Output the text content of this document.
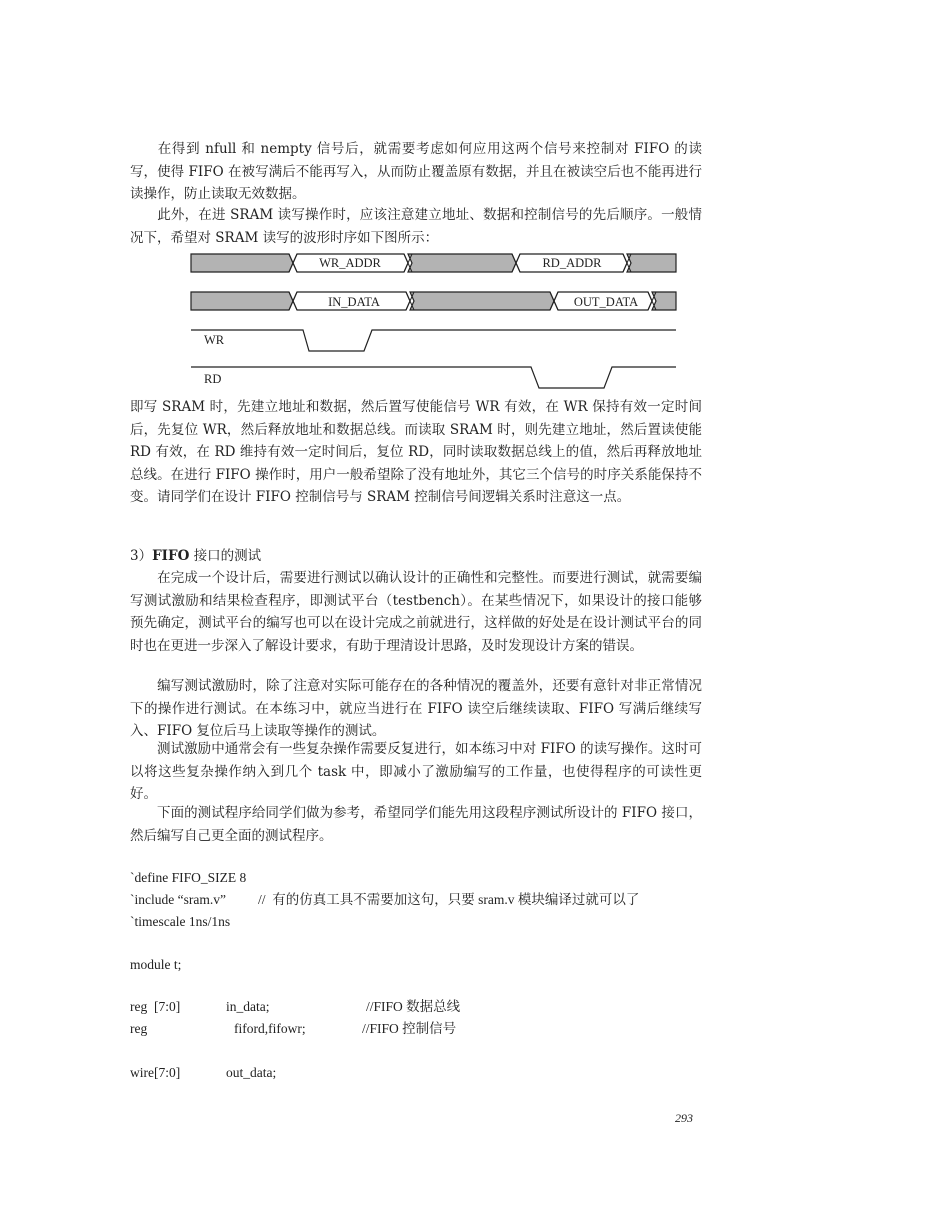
在得到 nfull 和 nempty 信号后，就需要考虑如何应用这两个信号来控制对 FIFO 的读写，使得 FIFO 在被写满后不能再写入，从而防止覆盖原有数据，并且在被读空后也不能再进行读操作，防止读取无效数据。

此外，在进 SRAM 读写操作时，应该注意建立地址、数据和控制信号的先后顺序。一般情况下，希望对 SRAM 读写的波形时序如下图所示：

WR_ADDR	RD_ADDR
IN_DATA	OUT_DATA
WR
RD

即写 SRAM 时，先建立地址和数据，然后置写使能信号 WR 有效，在 WR 保持有效一定时间后，先复位 WR，然后释放地址和数据总线。而读取 SRAM 时，则先建立地址，然后置读使能 RD 有效，在 RD 维持有效一定时间后，复位 RD，同时读取数据总线上的值，然后再释放地址总线。在进行 FIFO 操作时，用户一般希望除了没有地址外，其它三个信号的时序关系能保持不变。请同学们在设计 FIFO 控制信号与 SRAM 控制信号间逻辑关系时注意这一点。

3）FIFO 接口的测试

在完成一个设计后，需要进行测试以确认设计的正确性和完整性。而要进行测试，就需要编写测试激励和结果检查程序，即测试平台（testbench）。在某些情况下，如果设计的接口能够预先确定，测试平台的编写也可以在设计完成之前就进行，这样做的好处是在设计测试平台的同时也在更进一步深入了解设计要求，有助于理清设计思路，及时发现设计方案的错误。

编写测试激励时，除了注意对实际可能存在的各种情况的覆盖外，还要有意针对非正常情况下的操作进行测试。在本练习中，就应当进行在 FIFO 读空后继续读取、FIFO 写满后继续写入、FIFO 复位后马上读取等操作的测试。

测试激励中通常会有一些复杂操作需要反复进行，如本练习中对 FIFO 的读写操作。这时可以将这些复杂操作纳入到几个 task 中，即减小了激励编写的工作量，也使得程序的可读性更好。

下面的测试程序给同学们做为参考，希望同学们能先用这段程序测试所设计的 FIFO 接口，然后编写自己更全面的测试程序。

`define FIFO_SIZE 8
`include “sram.v” //  有的仿真工具不需要加这句，只要 sram.v 模块编译过就可以了
`timescale 1ns/1ns
module t;
reg  [7:0]	in_data;	//FIFO 数据总线
reg	fiford,fifowr;	//FIFO 控制信号
wire[7:0]	out_data;
293
